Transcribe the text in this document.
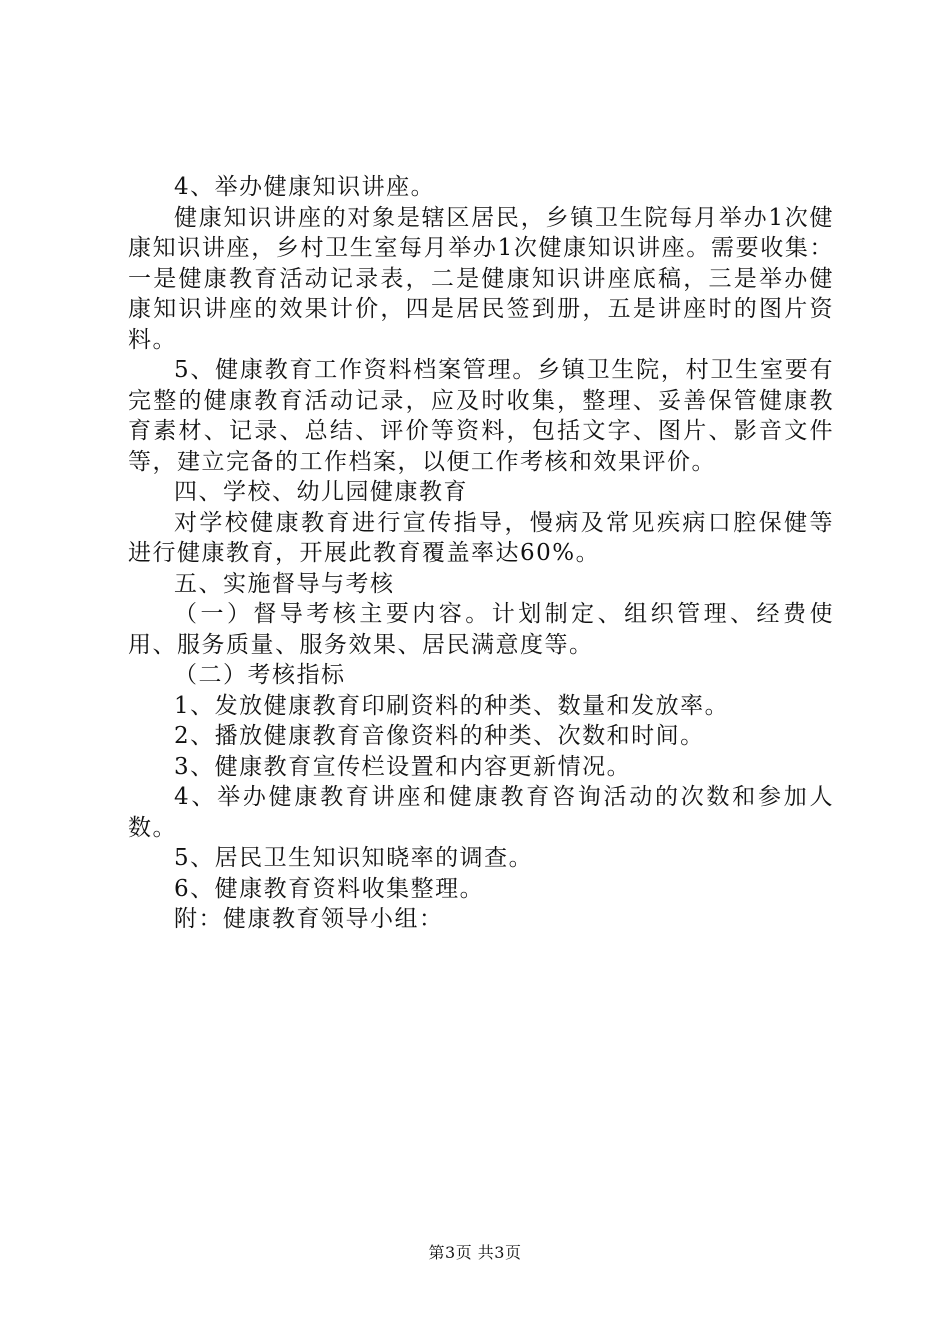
4、举办健康知识讲座。

健康知识讲座的对象是辖区居民，乡镇卫生院每月举办1次健康知识讲座，乡村卫生室每月举办1次健康知识讲座。需要收集：一是健康教育活动记录表，二是健康知识讲座底稿，三是举办健康知识讲座的效果计价，四是居民签到册，五是讲座时的图片资料。

5、健康教育工作资料档案管理。乡镇卫生院，村卫生室要有完整的健康教育活动记录，应及时收集，整理、妥善保管健康教育素材、记录、总结、评价等资料，包括文字、图片、影音文件等，建立完备的工作档案，以便工作考核和效果评价。

四、学校、幼儿园健康教育

对学校健康教育进行宣传指导，慢病及常见疾病口腔保健等进行健康教育，开展此教育覆盖率达60%。

五、实施督导与考核

（一）督导考核主要内容。计划制定、组织管理、经费使用、服务质量、服务效果、居民满意度等。

（二）考核指标

1、发放健康教育印刷资料的种类、数量和发放率。

2、播放健康教育音像资料的种类、次数和时间。

3、健康教育宣传栏设置和内容更新情况。

4、举办健康教育讲座和健康教育咨询活动的次数和参加人数。

5、居民卫生知识知晓率的调查。

6、健康教育资料收集整理。

附：健康教育领导小组：

第3页 共3页
